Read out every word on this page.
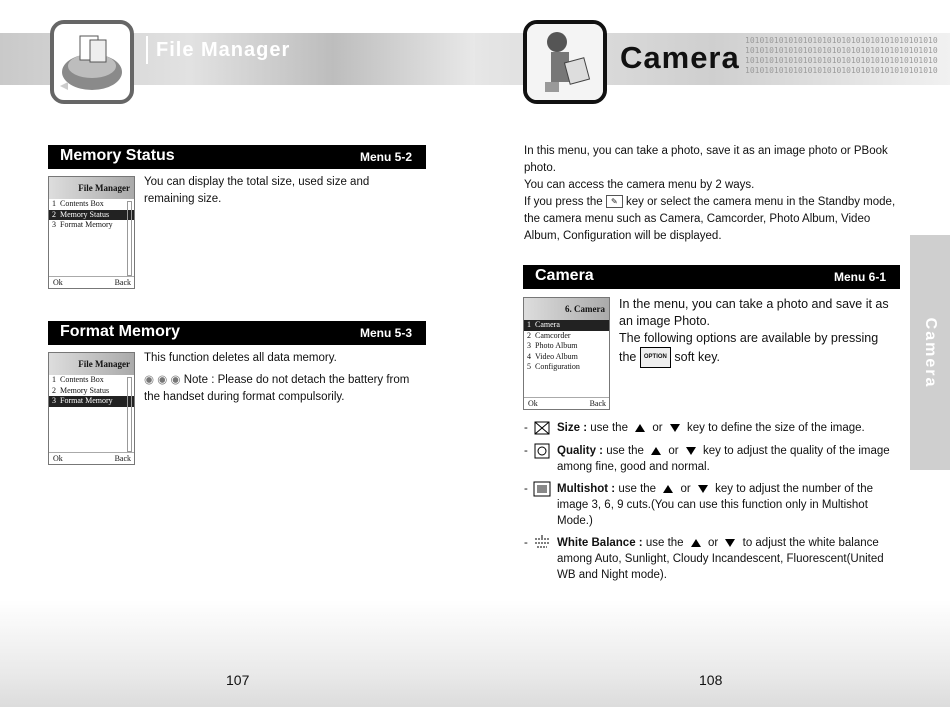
1010101010101010101010101010101010101010
1010101010101010101010101010101010101010
1010101010101010101010101010101010101010
1010101010101010101010101010101010101010
File Manager	Camera
Memory Status	Menu 5-2
File Manager
1 Contents Box
2 Memory Status
3 Format Memory
Ok	Back
You can display the total size, used size and remaining size.
Format Memory	Menu 5-3
File Manager
1 Contents Box
2 Memory Status
3 Format Memory
Ok	Back
This function deletes all data memory.
◉ ◉ ◉ Note : Please do not detach the battery from the handset during format compulsorily.
In this menu, you can take a photo, save it as an image photo or PBook photo.
You can access the camera menu by 2 ways.
If you press the ✎ key or select the camera menu in the Standby mode, the camera menu such as Camera, Camcorder, Photo Album, Video Album, Configuration will be displayed.
Camera	Menu 6-1
6. Camera
1 Camera
2 Camcorder
3 Photo Album
4 Video Album
5 Configuration
Ok	Back
In the menu, you can take a photo and save it as an image Photo.
The following options are available by pressing the OPTION soft key.
-	Size : use the or key to define the size of the image.
-	Quality : use the or key to adjust the quality of the image among fine, good and normal.
-	Multishot : use the or key to adjust the number of the image 3, 6, 9 cuts.(You can use this function only in Multishot Mode.)
-	White Balance : use the or to adjust the white balance among Auto, Sunlight, Cloudy Incandescent, Fluorescent(United WB and Night mode).
Camera
107	108
